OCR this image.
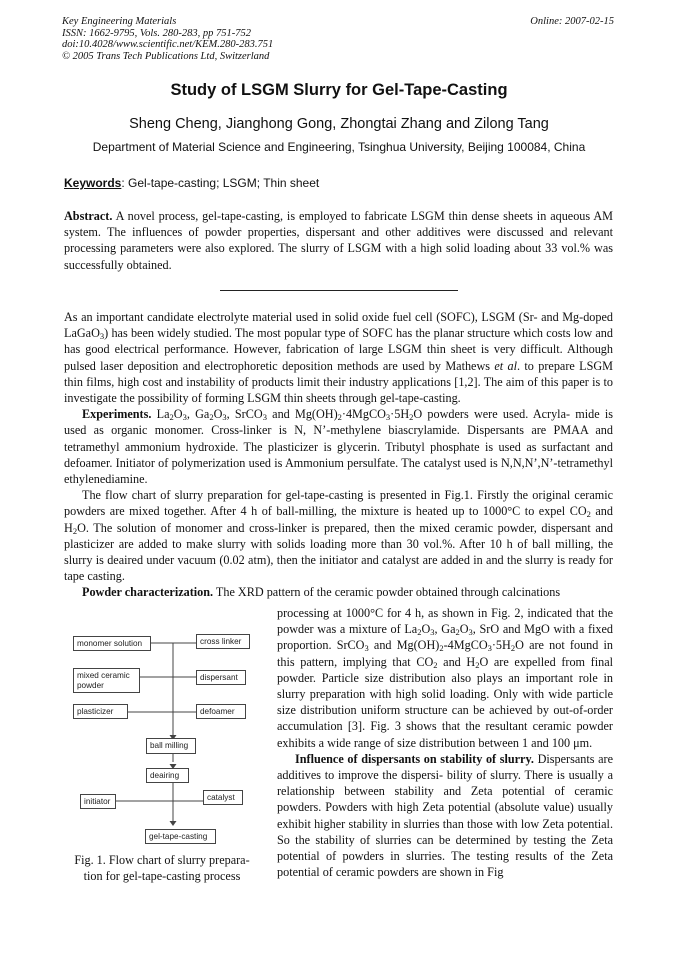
Key Engineering Materials
ISSN: 1662-9795, Vols. 280-283, pp 751-752
doi:10.4028/www.scientific.net/KEM.280-283.751
© 2005 Trans Tech Publications Ltd, Switzerland
Online: 2007-02-15
Study of LSGM Slurry for Gel-Tape-Casting
Sheng Cheng, Jianghong Gong, Zhongtai Zhang and Zilong Tang
Department of Material Science and Engineering, Tsinghua University, Beijing 100084, China
Keywords: Gel-tape-casting; LSGM; Thin sheet
Abstract. A novel process, gel-tape-casting, is employed to fabricate LSGM thin dense sheets in aqueous AM system. The influences of powder properties, dispersant and other additives were discussed and relevant processing parameters were also explored. The slurry of LSGM with a high solid loading about 33 vol.% was successfully obtained.
As an important candidate electrolyte material used in solid oxide fuel cell (SOFC), LSGM (Sr- and Mg-doped LaGaO$_3$) has been widely studied. The most popular type of SOFC has the planar structure which costs low and has good electrical performance. However, fabrication of large LSGM thin sheet is very difficult. Although pulsed laser deposition and electrophoretic deposition methods are used by Mathews et al. to prepare LSGM thin films, high cost and instability of products limit their industry applications [1,2]. The aim of this paper is to investigate the possibility of forming LSGM thin sheets through gel-tape-casting.
Experiments. $La_2O_3$, $Ga_2O_3$, SrCO$_3$ and $Mg(OH)_2\cdot 4MgCO_3\cdot 5H_2O$ powders were used. Acryla- mide is used as organic monomer. Cross-linker is N, N’-methylene biascrylamide. Dispersants are PMAA and tetramethyl ammonium hydroxide. The plasticizer is glycerin. Tributyl phosphate is used as surfactant and defoamer. Initiator of polymerization used is Ammonium persulfate. The catalyst used is N,N,N’,N’-tetramethyl ethylenediamine.
The flow chart of slurry preparation for gel-tape-casting is presented in Fig.1. Firstly the original ceramic powders are mixed together. After 4 h of ball-milling, the mixture is heated up to 1000°C to expel $CO_2$ and $H_2O$. The solution of monomer and cross-linker is prepared, then the mixed ceramic powder, dispersant and plasticizer are added to make slurry with solids loading more than 30 vol.%. After 10 h of ball milling, the slurry is deaired under vacuum (0.02 atm), then the initiator and catalyst are added in and the slurry is ready for tape casting.
Powder characterization. The XRD pattern of the ceramic powder obtained through calcinations
processing at 1000°C for 4 h, as shown in Fig. 2, indicated that the powder was a mixture of $La_2O_3$, $Ga_2O_3$, SrO and MgO with a fixed proportion. SrCO$_3$ and $Mg(OH)_2-4MgCO_3\cdot 5H_2O$ are not found in this pattern, implying that $CO_2$ and $H_2O$ are expelled from final powder. Particle size distribution also plays an important role in slurry preparation with high solid loading. Only with wide particle size distribution uniform structure can be achieved by out-of-order accumulation [3]. Fig. 3 shows that the resultant ceramic powder exhibits a wide range of size distribution between 1 and 100 μm.
Influence of dispersants on stability of slurry. Dispersants are additives to improve the dispersi- bility of slurry. There is usually a relationship between stability and Zeta potential of ceramic powders. Powders with high Zeta potential (absolute value) usually exhibit higher stability in slurries than those with low Zeta potential. So the stability of slurries can be determined by testing the Zeta potential of powders in slurries. The testing results of the Zeta potential of ceramic powders are shown in Fig
monomer solution	cross linker
mixed ceramic powder
dispersant
plasticizer	defoamer
ball milling
deairing
initiator	catalyst
gel-tape-casting
Fig. 1. Flow chart of slurry prepara- tion for gel-tape-casting process
